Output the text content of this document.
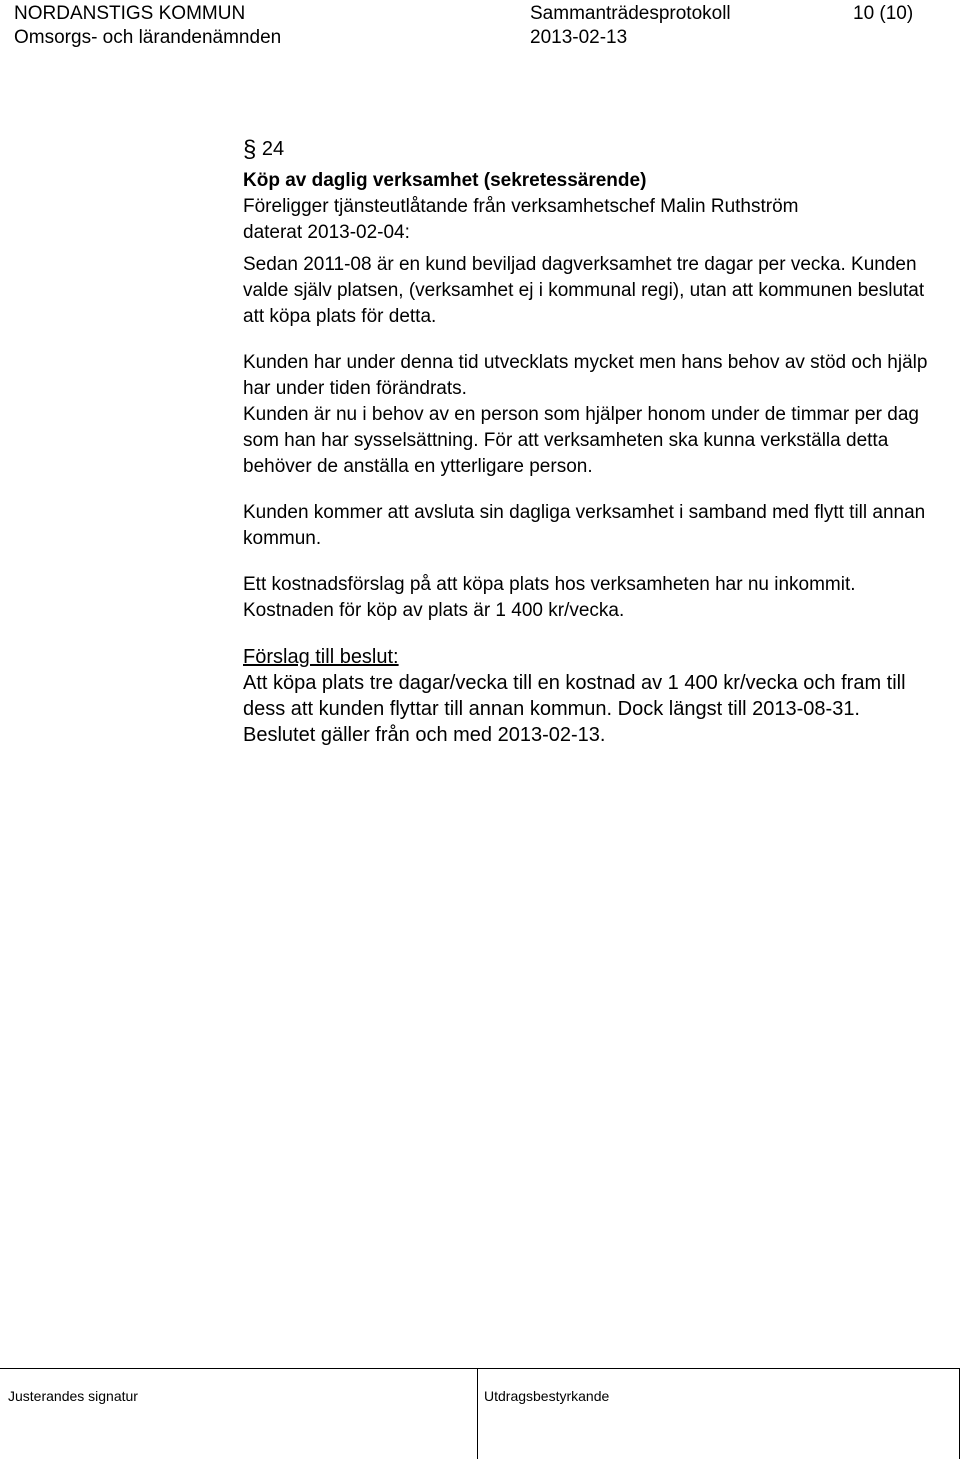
NORDANSTIGS KOMMUN	Sammanträdesprotokoll	10 (10)
Omsorgs- och lärandenämnden	2013-02-13

§ 24

Köp av daglig verksamhet (sekretessärende)

Föreligger tjänsteutlåtande från verksamhetschef Malin Ruthström

daterat 2013-02-04:

Sedan 2011-08 är en kund beviljad dagverksamhet tre dagar per vecka. Kunden valde själv platsen, (verksamhet ej i kommunal regi), utan att kommunen beslutat att köpa plats för detta.

Kunden har under denna tid utvecklats mycket men hans behov av stöd och hjälp har under tiden förändrats.

Kunden är nu i behov av en person som hjälper honom under de timmar per dag som han har sysselsättning. För att verksamheten ska kunna verkställa detta behöver de anställa en ytterligare person.

Kunden kommer att avsluta sin dagliga verksamhet i samband med flytt till annan kommun.

Ett kostnadsförslag på att köpa plats hos verksamheten har nu inkommit. Kostnaden för köp av plats är 1 400 kr/vecka.

Förslag till beslut:

Att köpa plats tre dagar/vecka till en kostnad av 1 400 kr/vecka och fram till dess att kunden flyttar till annan kommun. Dock längst till 2013-08-31.

Beslutet gäller från och med 2013-02-13.

Justerandes signatur	Utdragsbestyrkande
